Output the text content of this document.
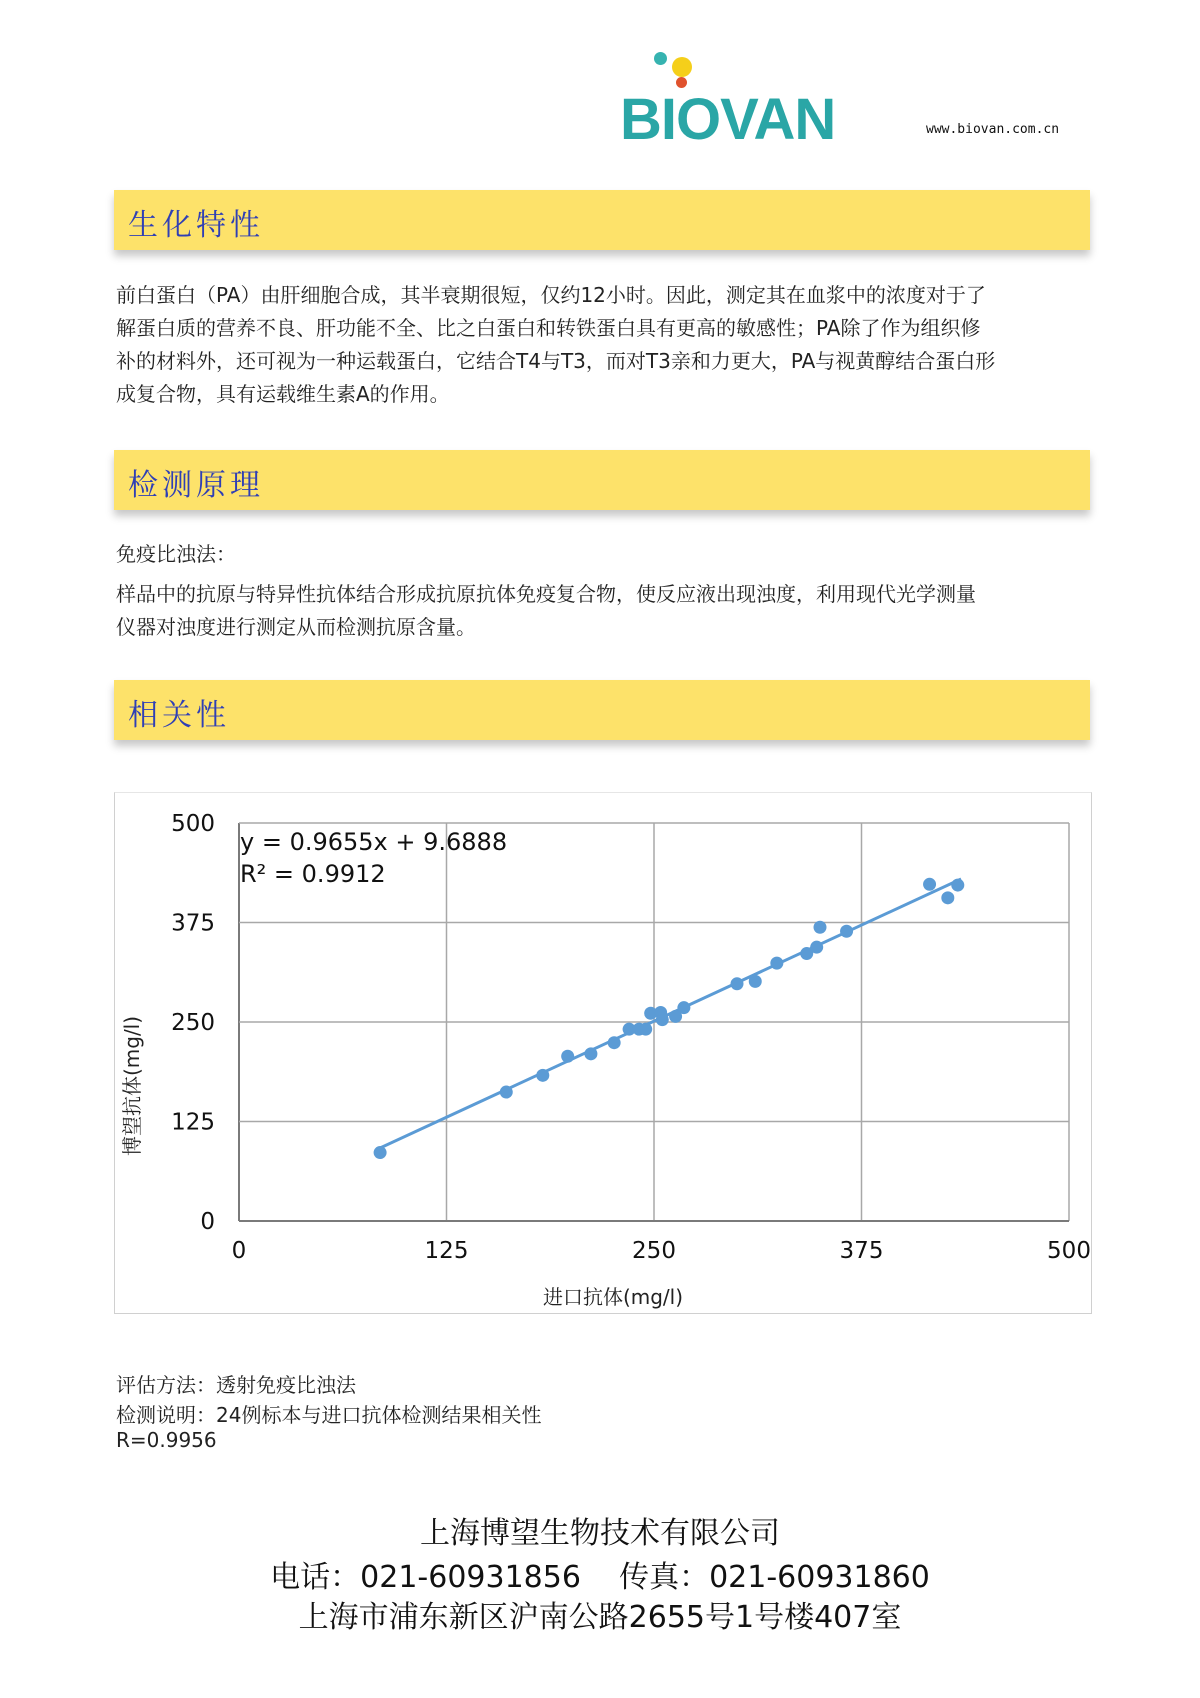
BIOVAN	www.biovan.com.cn
生化特性
前白蛋白（PA）由肝细胞合成，其半衰期很短，仅约12小时。因此，测定其在血浆中的浓度对于了
解蛋白质的营养不良、肝功能不全、比之白蛋白和转铁蛋白具有更高的敏感性；PA除了作为组织修
补的材料外，还可视为一种运载蛋白，它结合T4与T3，而对T3亲和力更大，PA与视黄醇结合蛋白形
成复合物，具有运载维生素A的作用。
检测原理
免疫比浊法：
样品中的抗原与特异性抗体结合形成抗原抗体免疫复合物，使反应液出现浊度，利用现代光学测量
仪器对浊度进行测定从而检测抗原含量。
相关性
0	125	250	375	500
0
125
250
375
500
y = 0.9655x + 9.6888
R² = 0.9912
进口抗体(mg/l)
博望抗体(mg/l)
评估方法：透射免疫比浊法
检测说明：24例标本与进口抗体检测结果相关性
R=0.9956
上海博望生物技术有限公司
电话：021-60931856    传真：021-60931860
上海市浦东新区沪南公路2655号1号楼407室
